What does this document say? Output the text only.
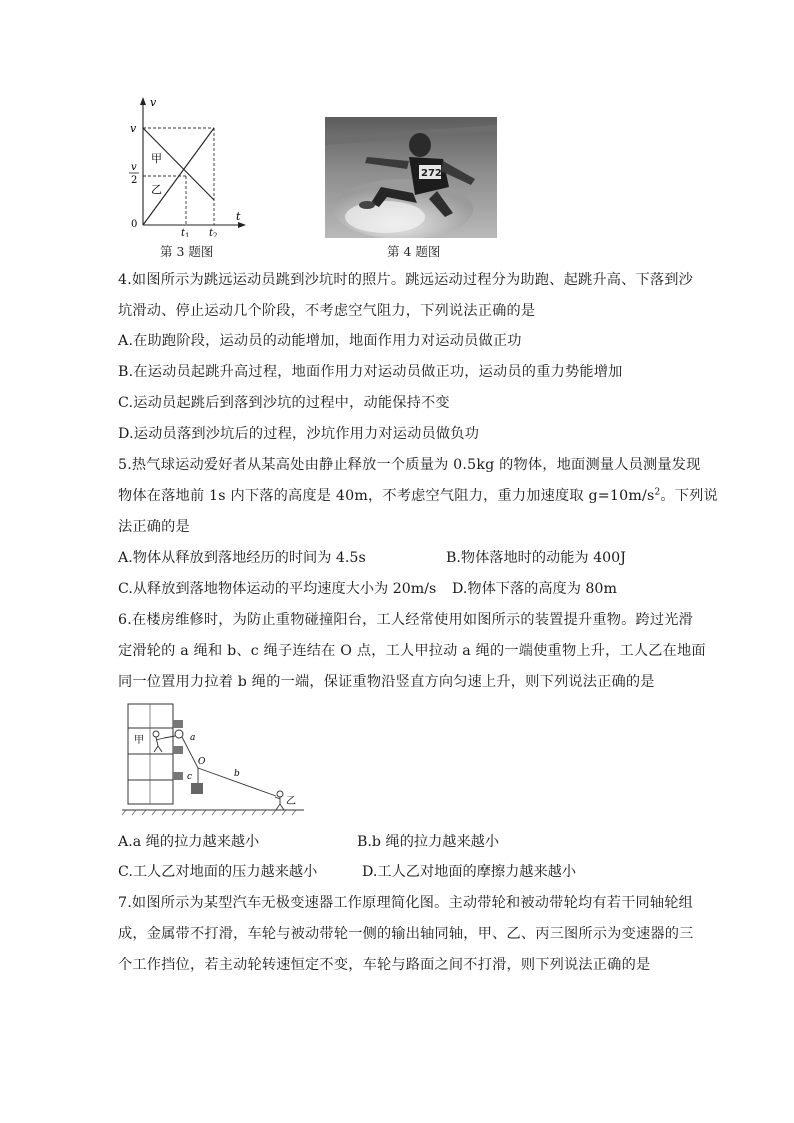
v
t
0
v
v
2
甲
乙
$t_1$ $t_2$
第 3 题图
272
第 4 题图
4.如图所示为跳远运动员跳到沙坑时的照片。跳远运动过程分为助跑、起跳升高、下落到沙
坑滑动、停止运动几个阶段，不考虑空气阻力，下列说法正确的是
A.在助跑阶段，运动员的动能增加，地面作用力对运动员做正功
B.在运动员起跳升高过程，地面作用力对运动员做正功，运动员的重力势能增加
C.运动员起跳后到落到沙坑的过程中，动能保持不变
D.运动员落到沙坑后的过程，沙坑作用力对运动员做负功
5.热气球运动爱好者从某高处由静止释放一个质量为 0.5kg 的物体，地面测量人员测量发现
物体在落地前 1s 内下落的高度是 40m，不考虑空气阻力，重力加速度取 $g=10m/s^2$。下列说
法正确的是
A.物体从释放到落地经历的时间为 4.5s	B.物体落地时的动能为 400J
C.从释放到落地物体运动的平均速度大小为 20m/s D.物体下落的高度为 80m
6.在楼房维修时，为防止重物碰撞阳台，工人经常使用如图所示的装置提升重物。跨过光滑
定滑轮的 a 绳和 b、c 绳子连结在 O 点，工人甲拉动 a 绳的一端使重物上升，工人乙在地面
同一位置用力拉着 b 绳的一端，保证重物沿竖直方向匀速上升，则下列说法正确的是
甲	a
O
c	b
乙
A.a 绳的拉力越来越小	B.b 绳的拉力越来越小
C.工人乙对地面的压力越来越小	D.工人乙对地面的摩擦力越来越小
7.如图所示为某型汽车无极变速器工作原理简化图。主动带轮和被动带轮均有若干同轴轮组
成，金属带不打滑，车轮与被动带轮一侧的输出轴同轴，甲、乙、丙三图所示为变速器的三
个工作挡位，若主动轮转速恒定不变，车轮与路面之间不打滑，则下列说法正确的是
